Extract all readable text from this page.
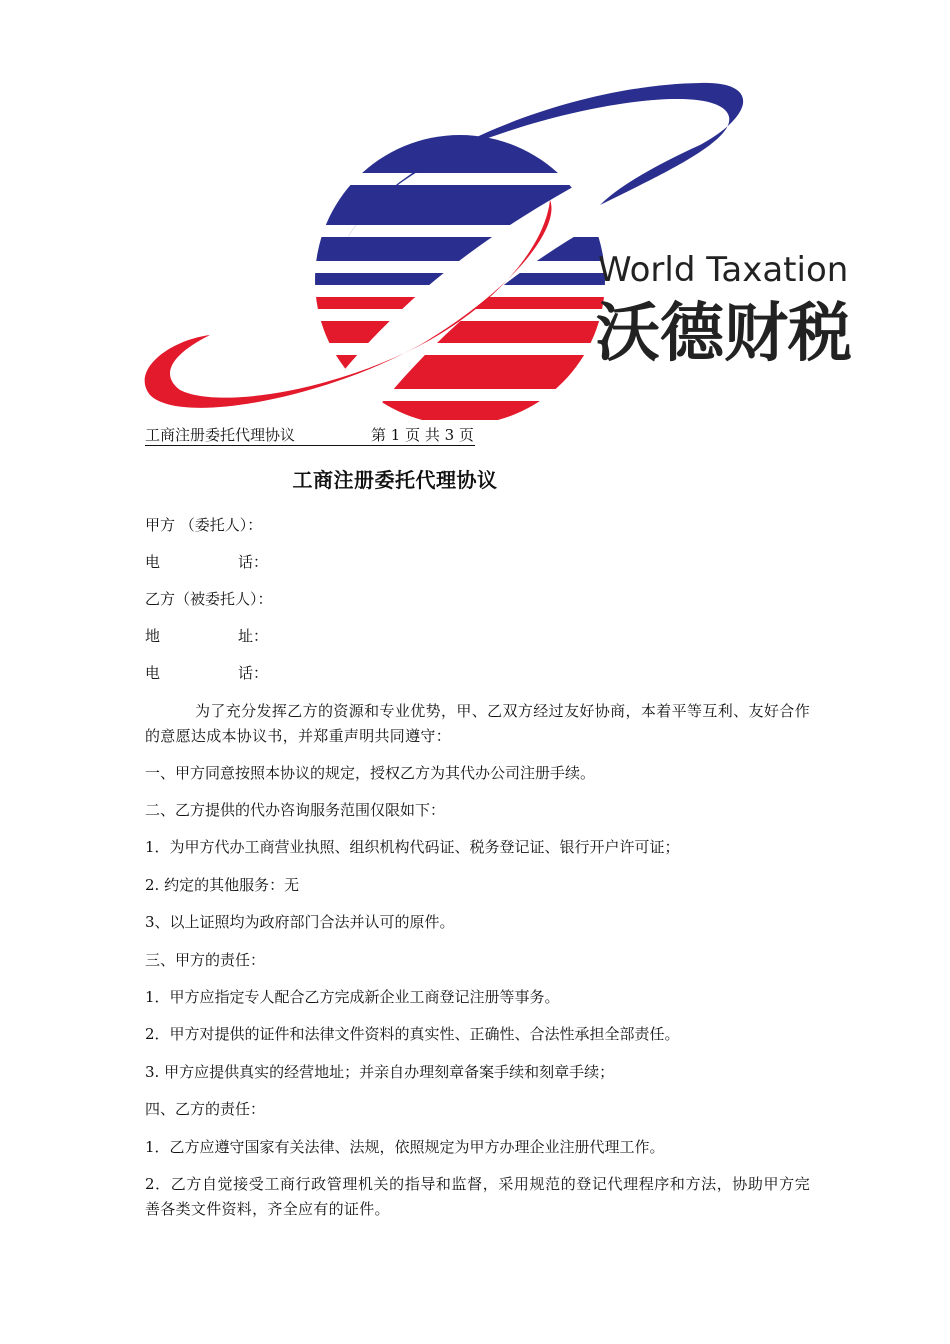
World Taxation
沃德财税
工商注册委托代理协议	第 1 页 共 3 页
工商注册委托代理协议
甲方 （委托人）：
电话：
乙方（被委托人）：
地址：
电话：
为了充分发挥乙方的资源和专业优势，甲、乙双方经过友好协商，本着平等互利、友好合作的意愿达成本协议书，并郑重声明共同遵守：
一、甲方同意按照本协议的规定，授权乙方为其代办公司注册手续。
二、乙方提供的代办咨询服务范围仅限如下：
1．为甲方代办工商营业执照、组织机构代码证、税务登记证、银行开户许可证；
2. 约定的其他服务：无
3、以上证照均为政府部门合法并认可的原件。
三、甲方的责任：
1．甲方应指定专人配合乙方完成新企业工商登记注册等事务。
2．甲方对提供的证件和法律文件资料的真实性、正确性、合法性承担全部责任。
3. 甲方应提供真实的经营地址；并亲自办理刻章备案手续和刻章手续；
四、乙方的责任：
1．乙方应遵守国家有关法律、法规，依照规定为甲方办理企业注册代理工作。
2．乙方自觉接受工商行政管理机关的指导和监督，采用规范的登记代理程序和方法，协助甲方完善各类文件资料，齐全应有的证件。
